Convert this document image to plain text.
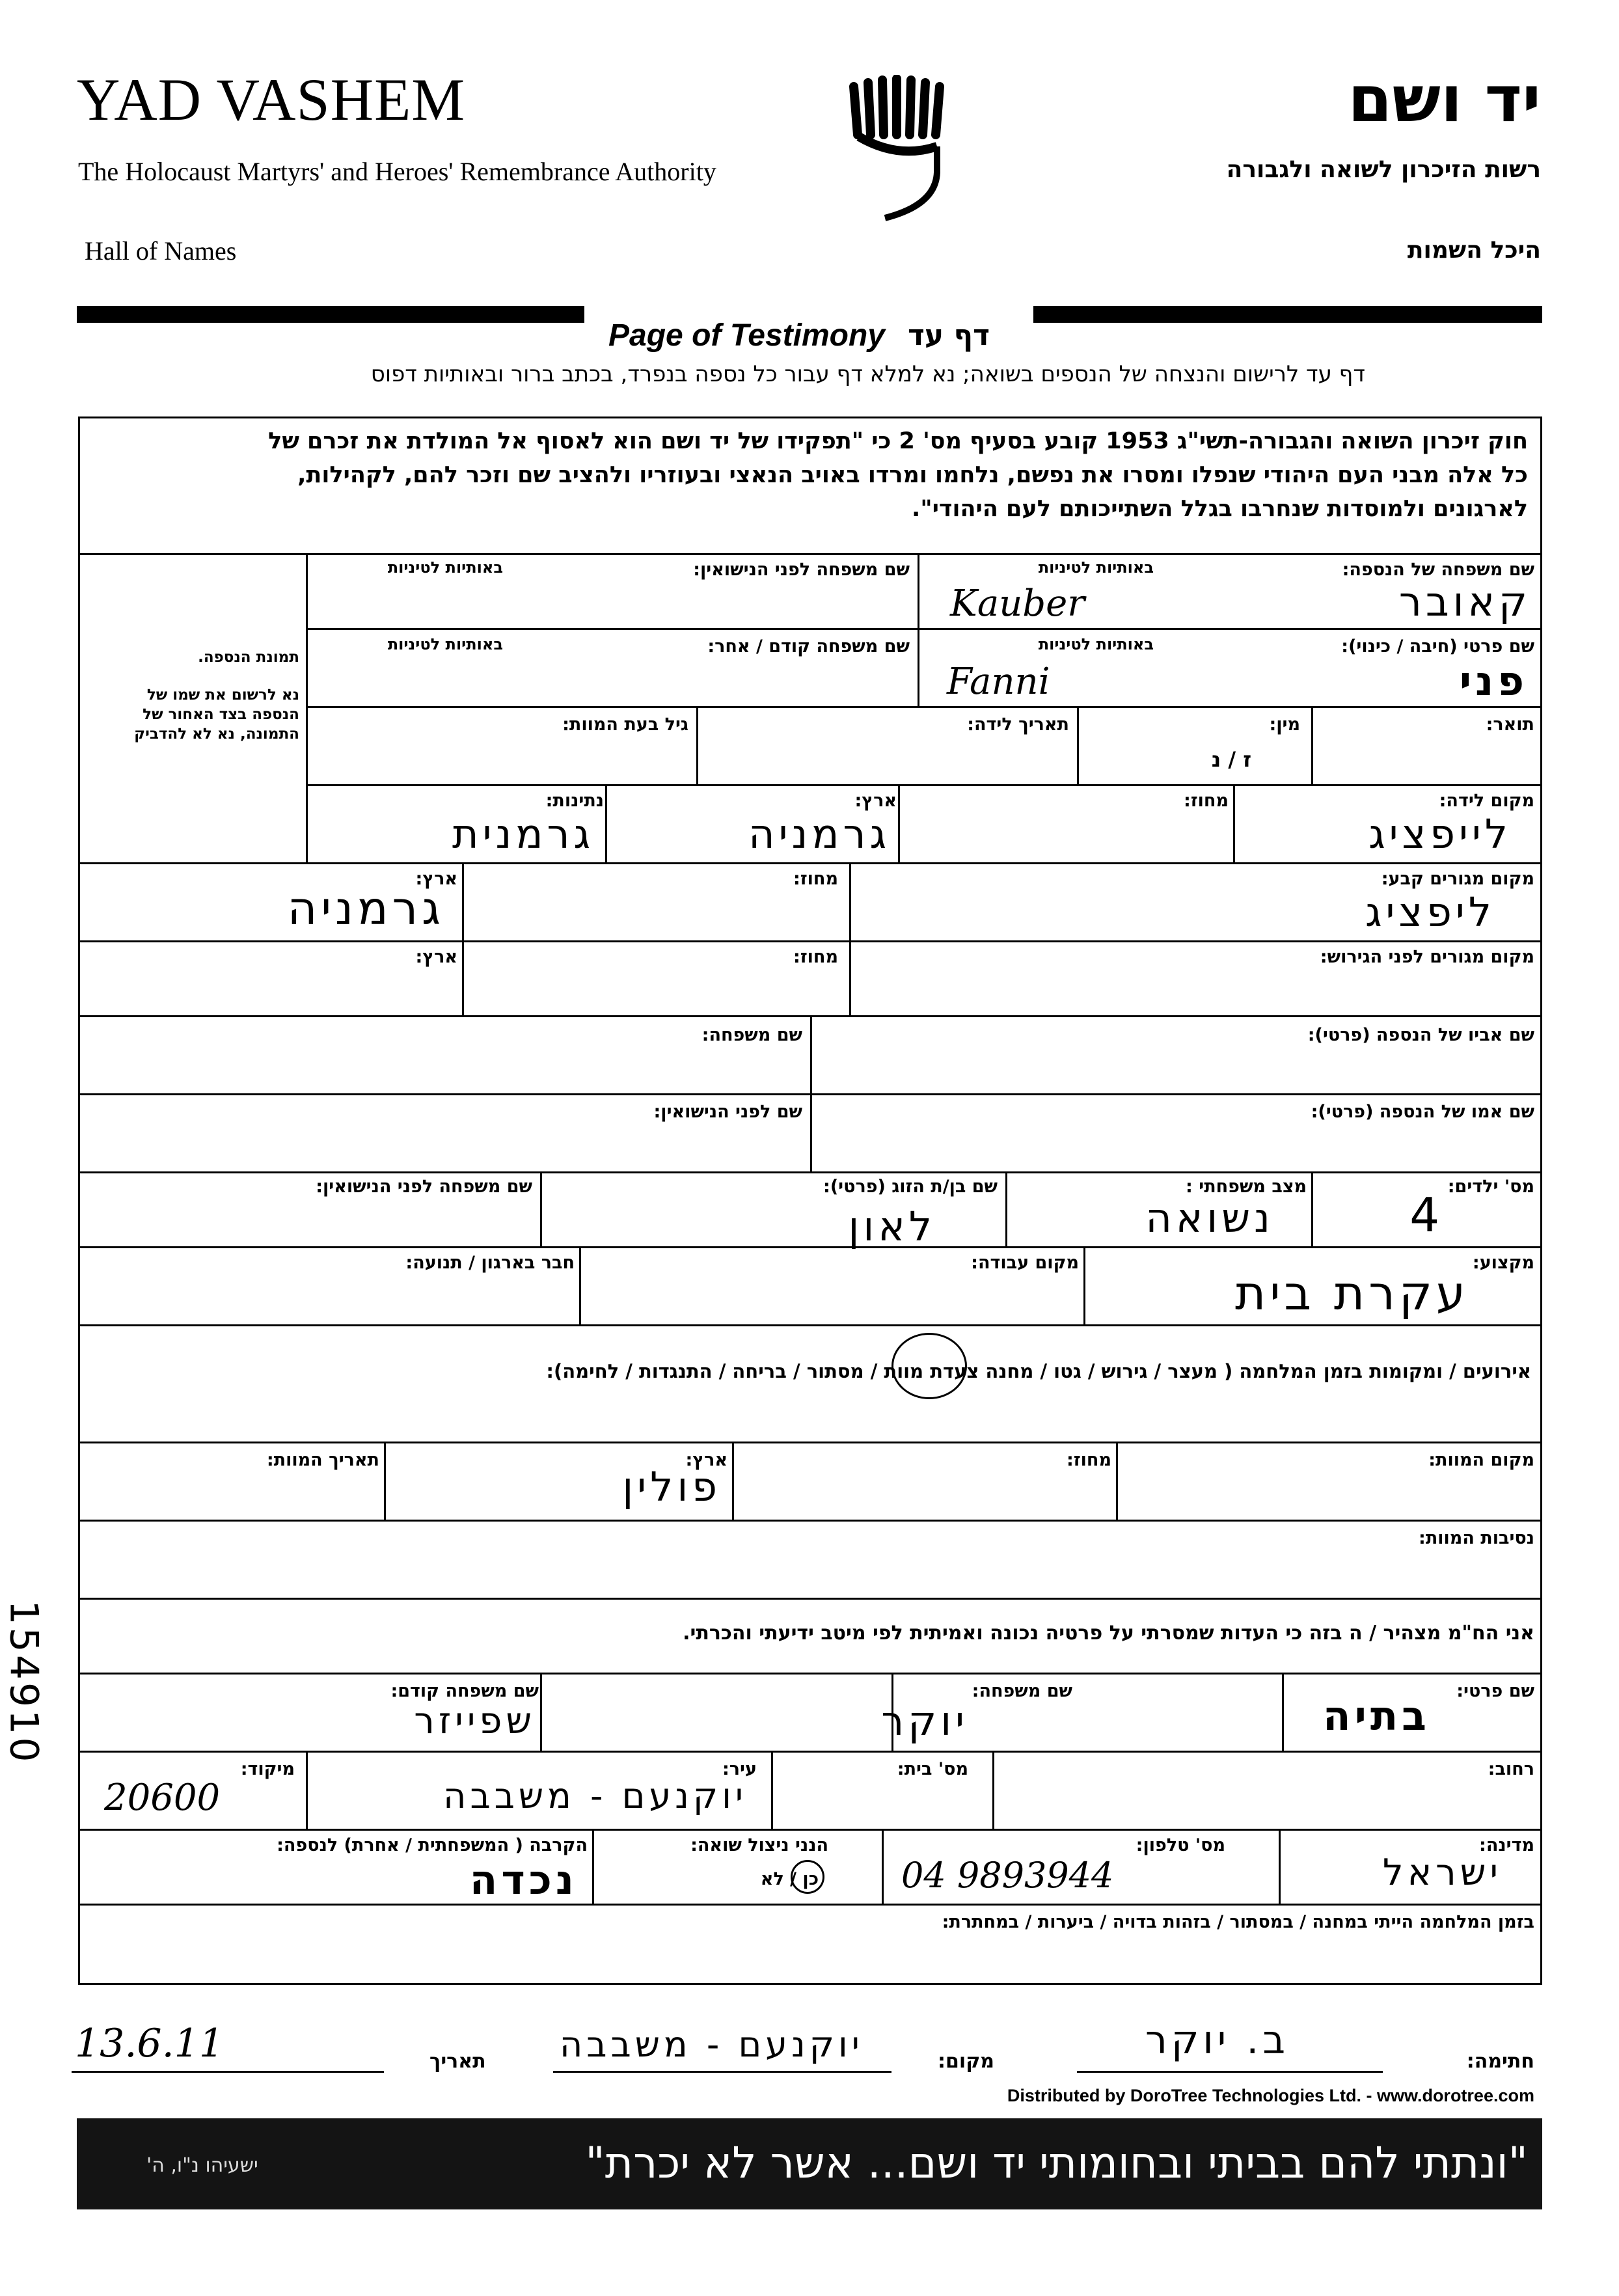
YAD VASHEM
The Holocaust Martyrs' and Heroes' Remembrance Authority
Hall of Names
יד ושם
רשות הזיכרון לשואה ולגבורה
היכל השמות
Page of Testimony דף עד
דף עד לרישום והנצחה של הנספים בשואה; נא למלא דף עבור כל נספה בנפרד, בכתב ברור ובאותיות דפוס
חוק זיכרון השואה והגבורה-תשי"ג 1953 קובע בסעיף מס' 2 כי "תפקידו של יד ושם הוא לאסוף אל המולדת את זכרם של
כל אלה מבני העם היהודי שנפלו ומסרו את נפשם, נלחמו ומרדו באויב הנאצי ובעוזריו ולהציב שם וזכר להם, לקהילות,
לארגונים ולמוסדות שנחרבו בגלל השתייכותם לעם היהודי".
תמונת הנספה.
נא לרשום את שמו של
הנספה בצד האחור של
התמונה, נא לא להדביק
שם משפחה של הנספה:
באותיות לטיניות
שם משפחה לפני הנישואין:
באותיות לטיניות
קאובר
Kauber
שם פרטי (חיבה / כינוי):
באותיות לטיניות
שם משפחה קודם / אחר:
באותיות לטיניות
פני
Fanni
תואר:
מין:
ז / נ
תאריך לידה:
גיל בעת המוות:
מקום לידה:
מחוז:
ארץ:
נתינות:
לייפציג
גרמניה
גרמנית
מקום מגורים קבע:
מחוז:
ארץ:
ליפציג
גרמניה
מקום מגורים לפני הגירוש:
מחוז:
ארץ:
שם אביו של הנספה (פרטי):
שם משפחה:
שם אמו של הנספה (פרטי):
שם לפני הנישואין:
מס' ילדים:
מצב משפחתי :
שם בן/ת הזוג (פרטי):
שם משפחה לפני הנישואין:
4
נשואה
לאון
מקצוע:
מקום עבודה:
חבר בארגון / תנועה:
עקרת בית
אירועים / ומקומות בזמן המלחמה ( מעצר / גירוש / גטו / מחנה צעדת מוות / מסתור / בריחה / התנגדות / לחימה):
מקום המוות:
מחוז:
ארץ:
תאריך המוות:
פולין
נסיבות המוות:
אני הח"מ מצהיר / ה בזה כי העדות שמסרתי על פרטיה נכונה ואמיתית לפי מיטב ידיעתי והכרתי.
שם פרטי:
שם משפחה:
שם משפחה קודם:
בתיה
יוקר
שפייזר
רחוב:
מס' בית:
עיר:
מיקוד:
יוקנעם - משבבה
20600
מדינה:
מס' טלפון:
הנני ניצול שואה:
כן / לא
הקרבה ( המשפחתית / אחרת) לנספה:
ישראל
04 9893944
נכדה
בזמן המלחמה הייתי במחנה / במסתור / בזהות בדויה / ביערות / במחתרת:
154910
חתימה:
ב. יוקר
מקום:
יוקנעם - משבבה
תאריך
13.6.11
Distributed by DoroTree Technologies Ltd. - www.dorotree.com
"ונתתי להם בביתי ובחומותי יד ושם... אשר לא יכרת"
ישעיהו נ"ו, ה'
